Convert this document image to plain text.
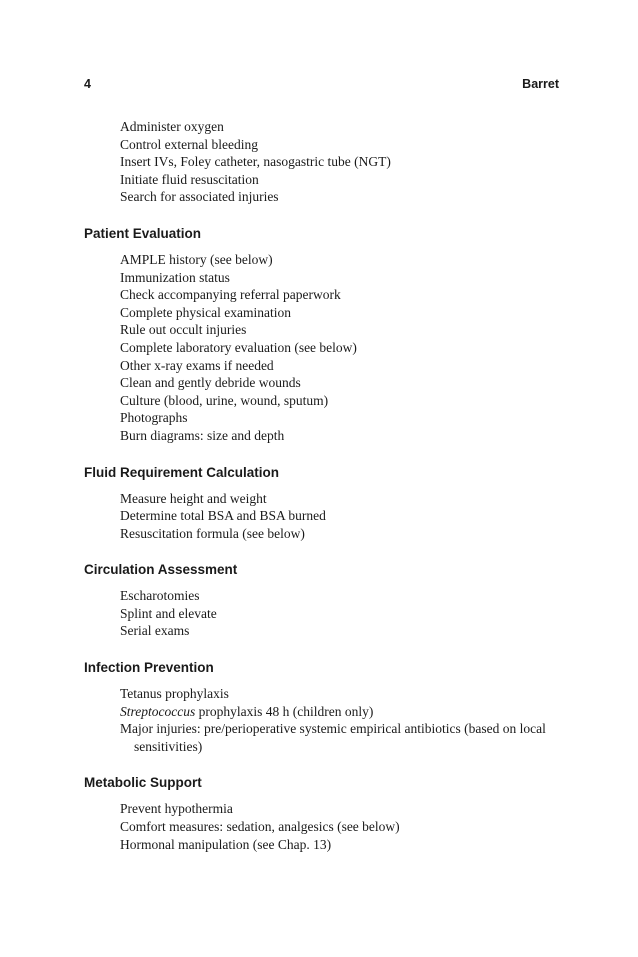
4	Barret
Administer oxygen
Control external bleeding
Insert IVs, Foley catheter, nasogastric tube (NGT)
Initiate fluid resuscitation
Search for associated injuries
Patient Evaluation
AMPLE history (see below)
Immunization status
Check accompanying referral paperwork
Complete physical examination
Rule out occult injuries
Complete laboratory evaluation (see below)
Other x-ray exams if needed
Clean and gently debride wounds
Culture (blood, urine, wound, sputum)
Photographs
Burn diagrams: size and depth
Fluid Requirement Calculation
Measure height and weight
Determine total BSA and BSA burned
Resuscitation formula (see below)
Circulation Assessment
Escharotomies
Splint and elevate
Serial exams
Infection Prevention
Tetanus prophylaxis
Streptococcus prophylaxis 48 h (children only)
Major injuries: pre/perioperative systemic empirical antibiotics (based on local sensitivities)
Metabolic Support
Prevent hypothermia
Comfort measures: sedation, analgesics (see below)
Hormonal manipulation (see Chap. 13)
